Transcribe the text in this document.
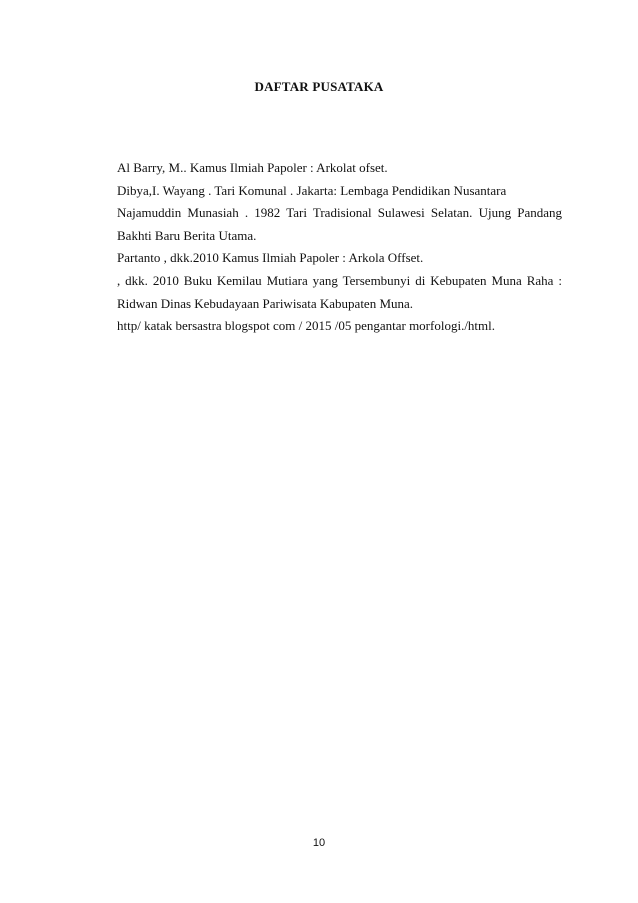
DAFTAR PUSATAKA
Al Barry, M.. Kamus Ilmiah Papoler : Arkolat ofset.
Dibya,I. Wayang . Tari Komunal . Jakarta: Lembaga Pendidikan Nusantara
Najamuddin Munasiah . 1982 Tari Tradisional Sulawesi Selatan. Ujung Pandang
Bakhti Baru Berita Utama.
Partanto , dkk.2010 Kamus Ilmiah Papoler : Arkola Offset.
, dkk. 2010 Buku Kemilau Mutiara yang Tersembunyi di Kebupaten Muna Raha :
Ridwan Dinas Kebudayaan Pariwisata Kabupaten Muna.
http/ katak bersastra blogspot com / 2015 /05 pengantar morfologi./html.
10
